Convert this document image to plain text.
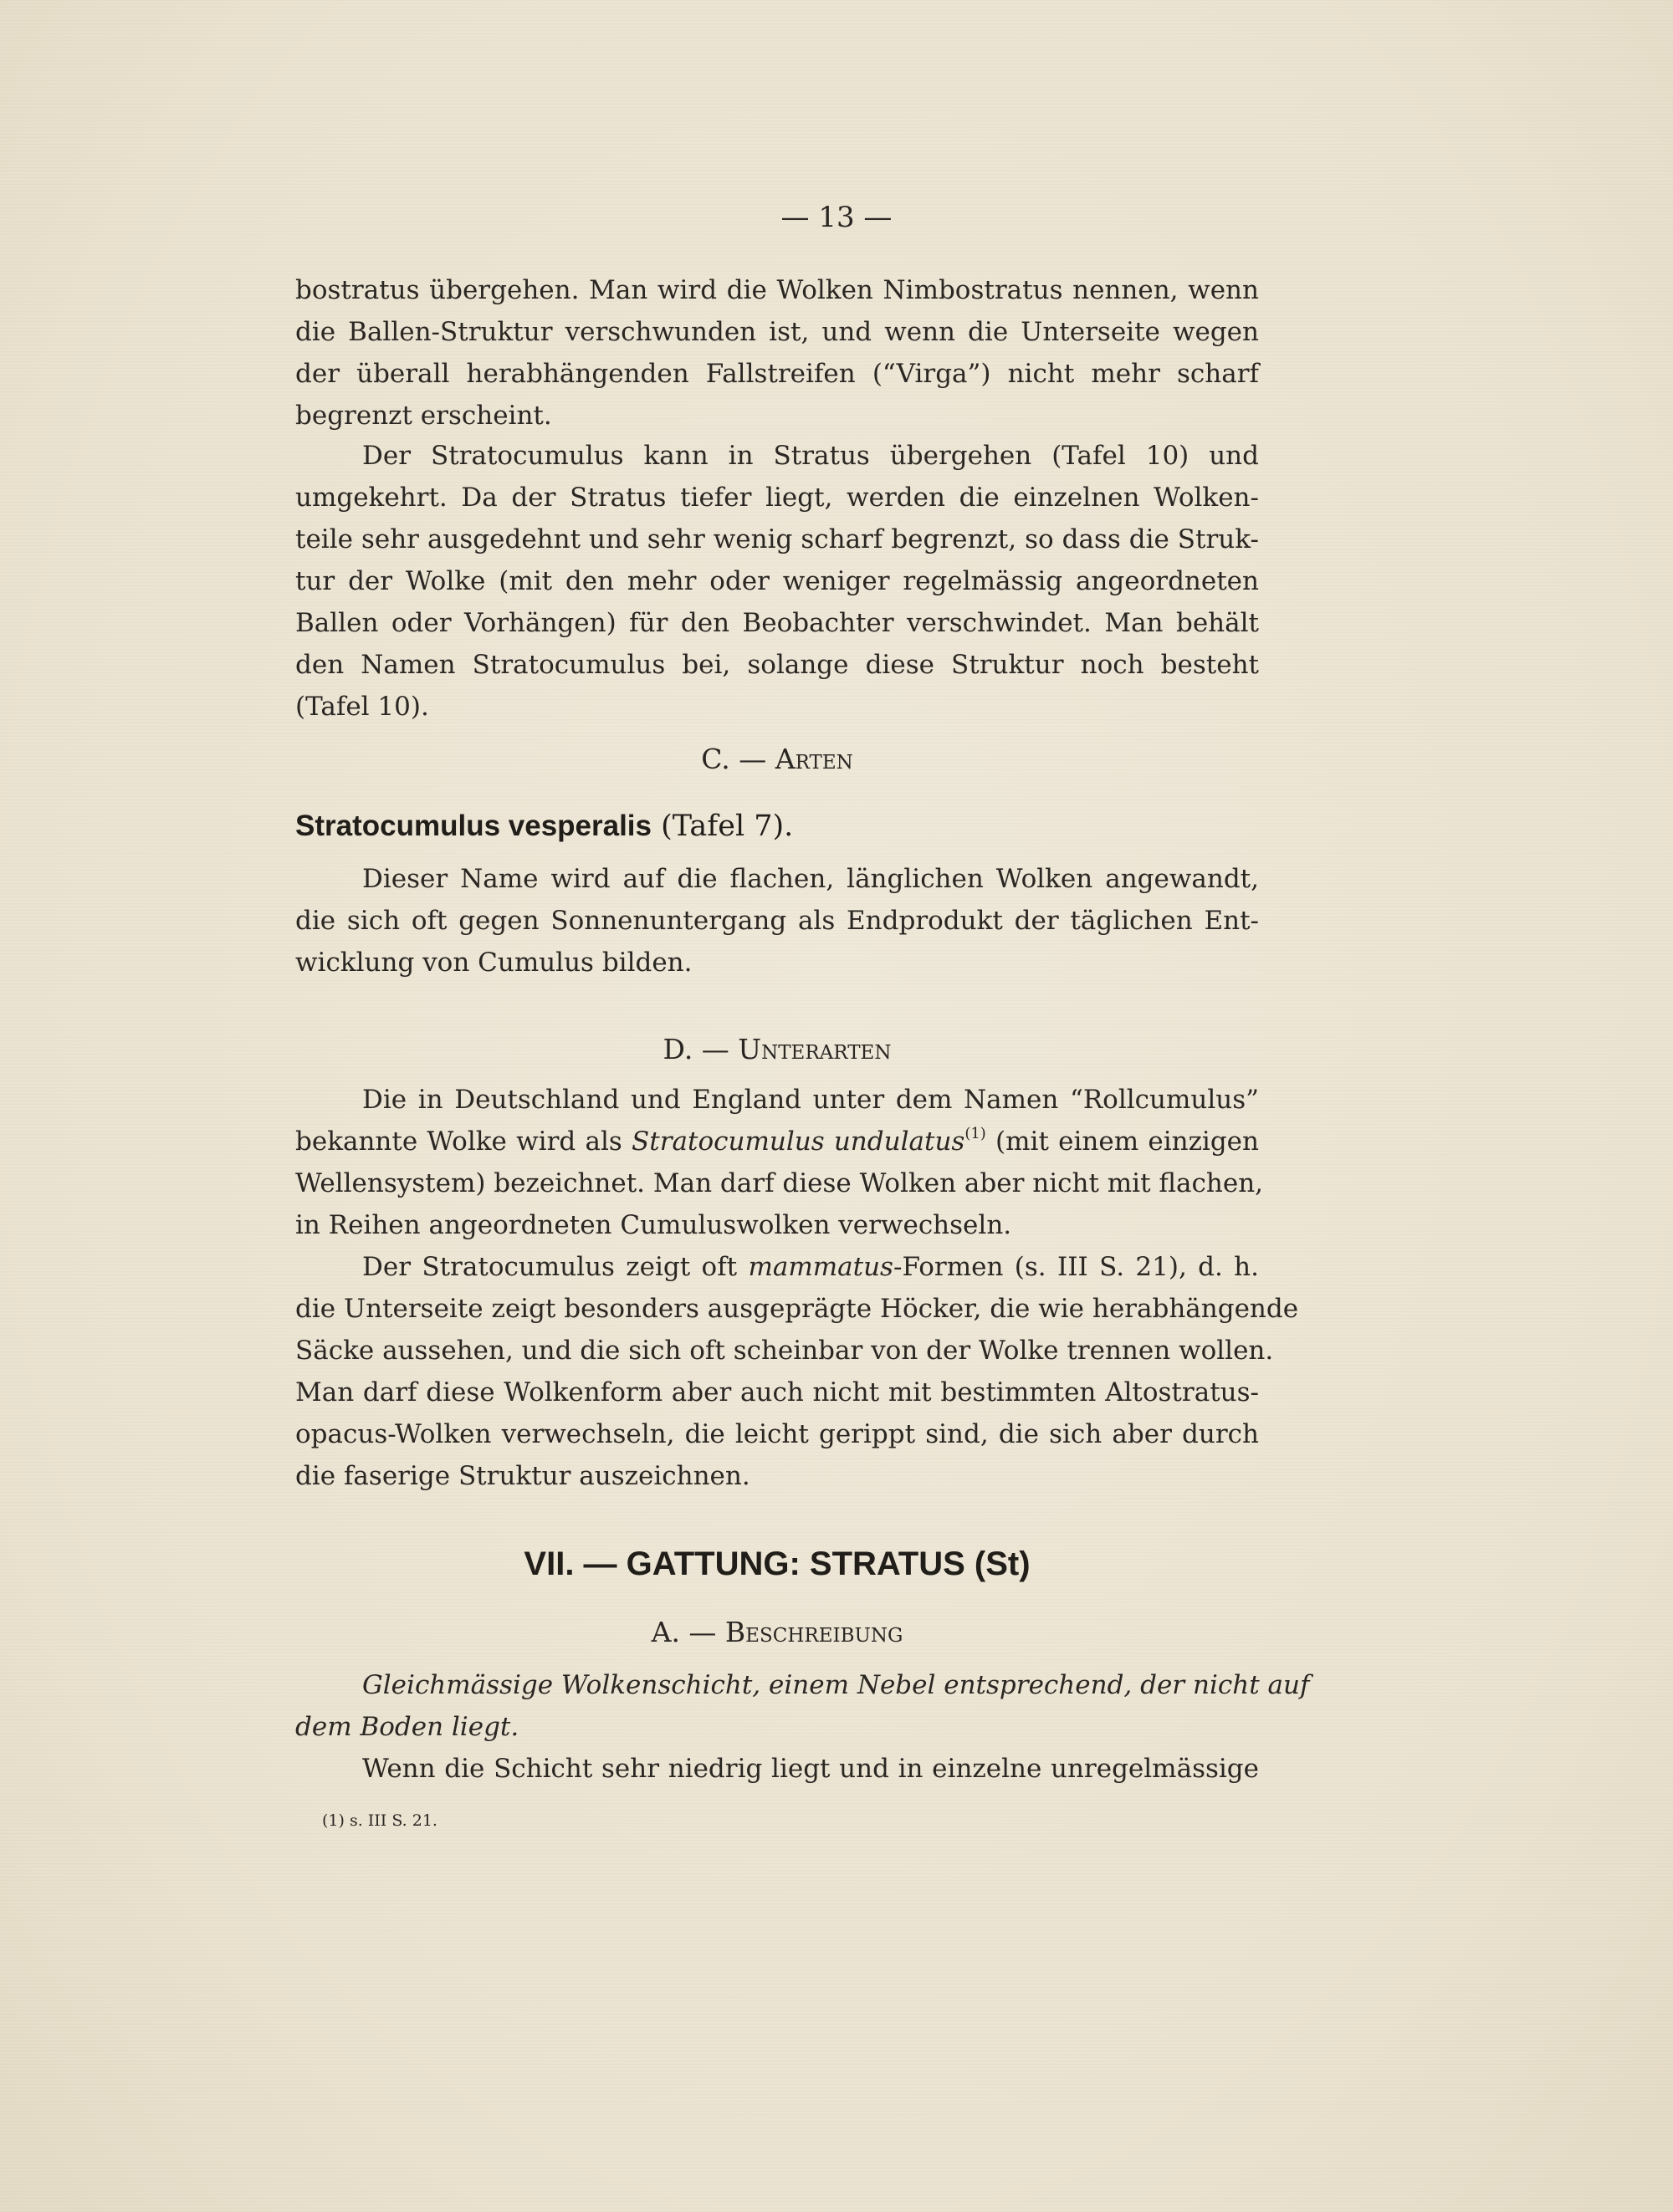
— 13 —
bostratus übergehen. Man wird die Wolken Nimbostratus nennen, wenn
die Ballen-Struktur verschwunden ist, und wenn die Unterseite wegen
der überall herabhängenden Fallstreifen (“Virga”) nicht mehr scharf
begrenzt erscheint.
Der Stratocumulus kann in Stratus übergehen (Tafel 10) und
umgekehrt. Da der Stratus tiefer liegt, werden die einzelnen Wolken-
teile sehr ausgedehnt und sehr wenig scharf begrenzt, so dass die Struk-
tur der Wolke (mit den mehr oder weniger regelmässig angeordneten
Ballen oder Vorhängen) für den Beobachter verschwindet. Man behält
den Namen Stratocumulus bei, solange diese Struktur noch besteht
(Tafel 10).
C. — Arten
Stratocumulus vesperalis (Tafel 7).
Dieser Name wird auf die flachen, länglichen Wolken angewandt,
die sich oft gegen Sonnenuntergang als Endprodukt der täglichen Ent-
wicklung von Cumulus bilden.
D. — Unterarten
Die in Deutschland und England unter dem Namen “Rollcumulus”
bekannte Wolke wird als Stratocumulus undulatus$^{(1)}$ (mit einem einzigen
Wellensystem) bezeichnet. Man darf diese Wolken aber nicht mit flachen,
in Reihen angeordneten Cumuluswolken verwechseln.
Der Stratocumulus zeigt oft mammatus-Formen (s. III S. 21), d. h.
die Unterseite zeigt besonders ausgeprägte Höcker, die wie herabhängende
Säcke aussehen, und die sich oft scheinbar von der Wolke trennen wollen.
Man darf diese Wolkenform aber auch nicht mit bestimmten Altostratus-
opacus-Wolken verwechseln, die leicht gerippt sind, die sich aber durch
die faserige Struktur auszeichnen.
VII. — GATTUNG: STRATUS (St)
A. — Beschreibung
Gleichmässige Wolkenschicht, einem Nebel entsprechend, der nicht auf
dem Boden liegt.
Wenn die Schicht sehr niedrig liegt und in einzelne unregelmässige
(1) s. III S. 21.
